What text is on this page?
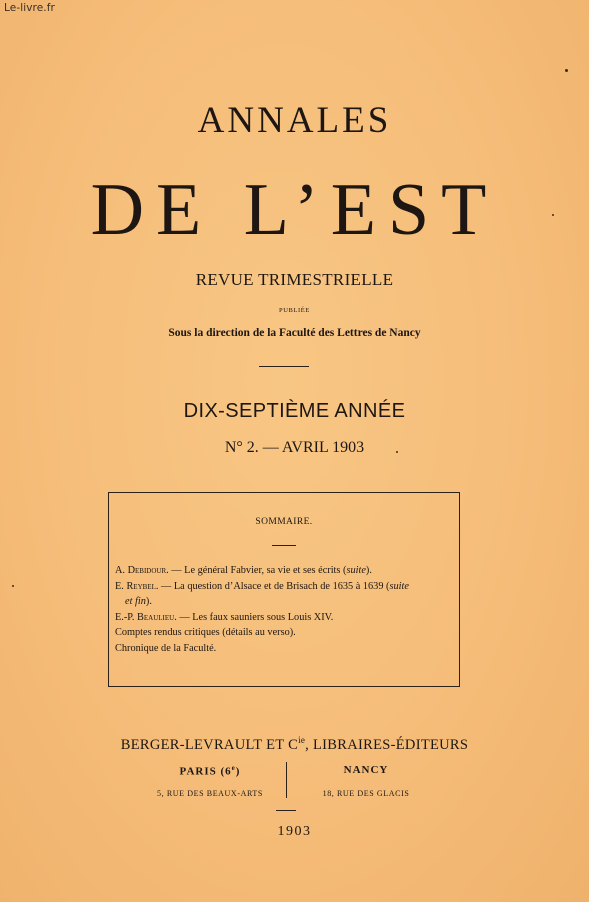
Le-livre.fr
ANNALES
DE L’EST
REVUE TRIMESTRIELLE
PUBLIÉE
Sous la direction de la Faculté des Lettres de Nancy
DIX-SEPTIÈME ANNÉE
N° 2. — AVRIL 1903
SOMMAIRE.
A. Debidour. — Le général Fabvier, sa vie et ses écrits (suite).
E. Reybel. — La question d’Alsace et de Brisach de 1635 à 1639 (suite
et fin).
E.-P. Beaulieu. — Les faux sauniers sous Louis XIV.
Comptes rendus critiques (détails au verso).
Chronique de la Faculté.
BERGER-LEVRAULT ET $C^{ie}$, LIBRAIRES-ÉDITEURS
PARIS (6e)
5, RUE DES BEAUX-ARTS
NANCY
18, RUE DES GLACIS
1903
